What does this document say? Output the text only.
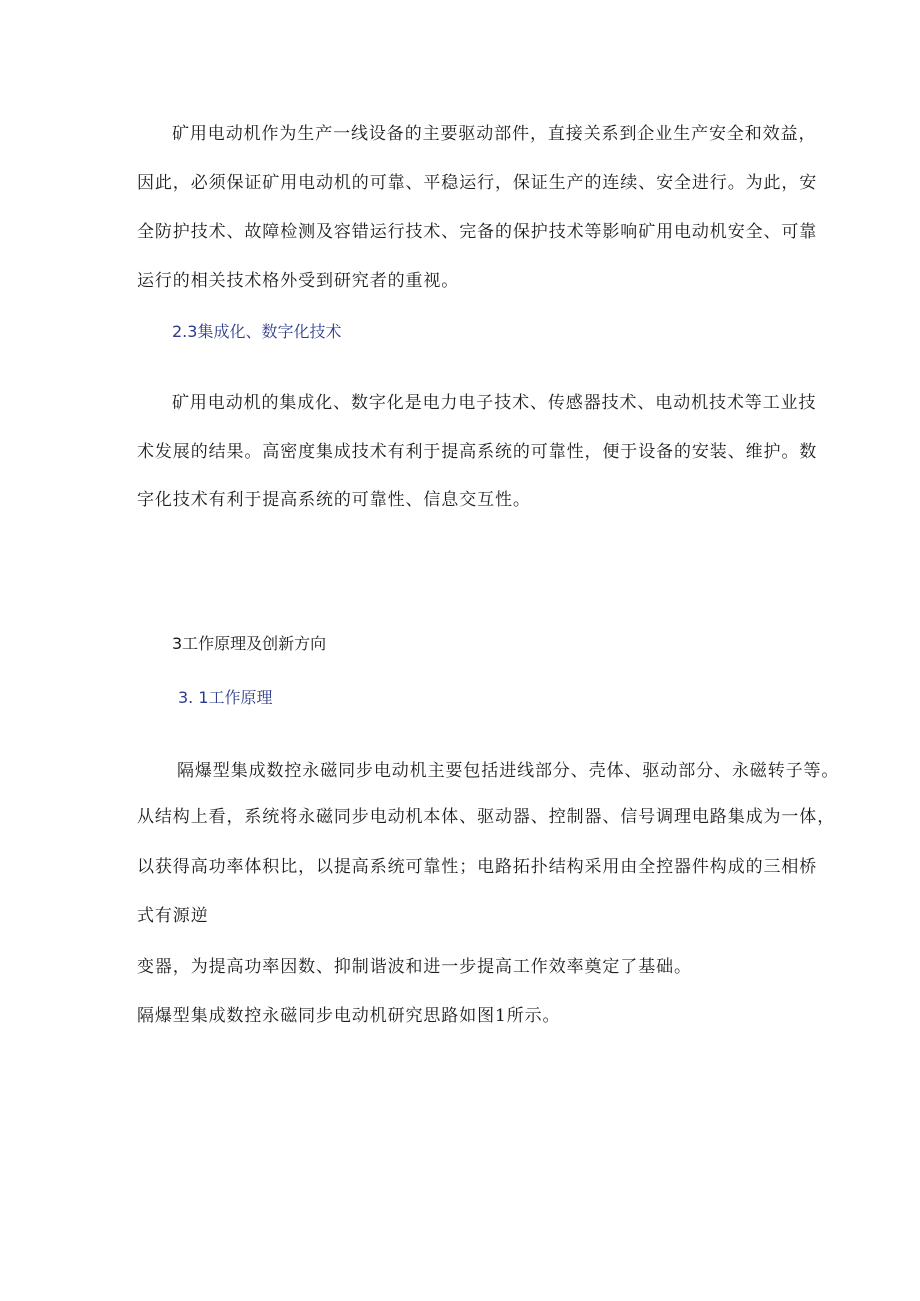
矿用电动机作为生产一线设备的主要驱动部件，直接关系到企业生产安全和效益，
因此，必须保证矿用电动机的可靠、平稳运行，保证生产的连续、安全进行。为此，安
全防护技术、故障检测及容错运行技术、完备的保护技术等影响矿用电动机安全、可靠
运行的相关技术格外受到研究者的重视。
2.3集成化、数字化技术
矿用电动机的集成化、数字化是电力电子技术、传感器技术、电动机技术等工业技
术发展的结果。高密度集成技术有利于提高系统的可靠性，便于设备的安装、维护。数
字化技术有利于提高系统的可靠性、信息交互性。
3工作原理及创新方向
3. 1工作原理
隔爆型集成数控永磁同步电动机主要包括进线部分、壳体、驱动部分、永磁转子等。
从结构上看，系统将永磁同步电动机本体、驱动器、控制器、信号调理电路集成为一体，
以获得高功率体积比，以提高系统可靠性；电路拓扑结构采用由全控器件构成的三相桥
式有源逆
变器，为提高功率因数、抑制谐波和进一步提高工作效率奠定了基础。
隔爆型集成数控永磁同步电动机研究思路如图1所示。
